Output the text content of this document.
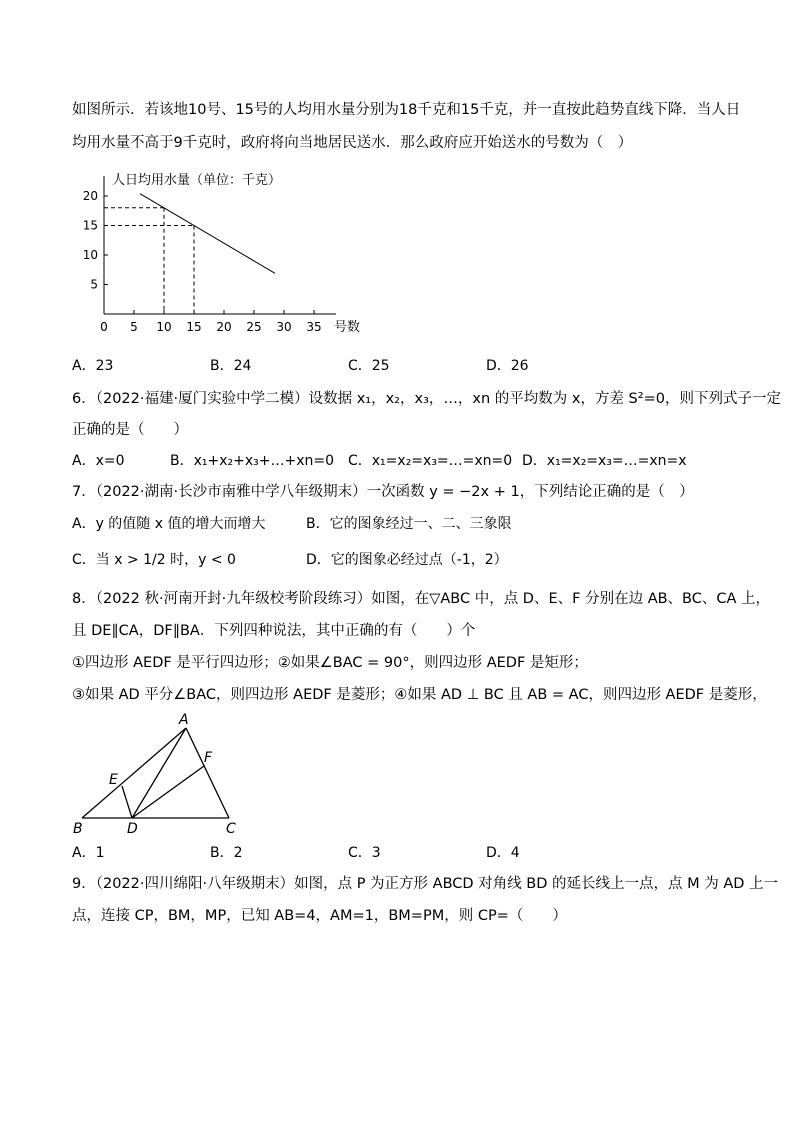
如图所示．若该地10号、15号的人均用水量分别为18千克和15千克，并一直按此趋势直线下降．当人日
均用水量不高于9千克时，政府将向当地居民送水．那么政府应开始送水的号数为（　）
5
10
15
20
0 5 10 15 20 25 30 35
人日均用水量（单位：千克）
号数
A．23	B．24	C．25	D．26
6．（2022·福建·厦门实验中学二模）设数据 x₁，x₂，x₃，…，xn 的平均数为 x，方差 S²=0，则下列式子一定
正确的是（　　）
A．x=0	B．x₁+x₂+x₃+…+xn=0 C．x₁=x₂=x₃=…=xn=0 D．x₁=x₂=x₃=…=xn=x
7．（2022·湖南·长沙市南雅中学八年级期末）一次函数 y = −2x + 1，下列结论正确的是（　）
A．y 的值随 x 值的增大而增大	B．它的图象经过一、二、三象限
C．当 x > 1/2 时，y < 0	D．它的图象必经过点（-1，2）
8．（2022 秋·河南开封·九年级校考阶段练习）如图，在▽ABC 中，点 D、E、F 分别在边 AB、BC、CA 上，
且 DE∥CA，DF∥BA．下列四种说法，其中正确的有（　　）个
①四边形 AEDF 是平行四边形；②如果∠BAC = 90°，则四边形 AEDF 是矩形；
③如果 AD 平分∠BAC，则四边形 AEDF 是菱形；④如果 AD ⊥ BC 且 AB = AC，则四边形 AEDF 是菱形，
A
F
E
B	D	C
A．1	B．2	C．3	D．4
9．（2022·四川绵阳·八年级期末）如图，点 P 为正方形 ABCD 对角线 BD 的延长线上一点，点 M 为 AD 上一
点，连接 CP，BM，MP，已知 AB=4，AM=1，BM=PM，则 CP=（　　）
